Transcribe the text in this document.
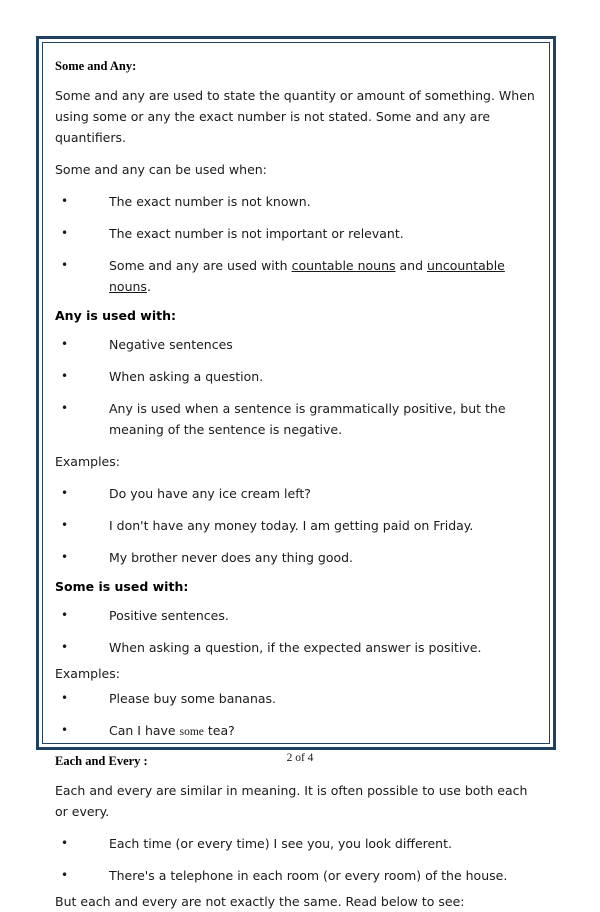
Some and Any:

Some and any are used to state the quantity or amount of something. When using some or any the exact number is not stated. Some and any are quantifiers.

Some and any can be used when:

•	The exact number is not known.
•	The exact number is not important or relevant.
•	Some and any are used with countable nouns and uncountable nouns.
Any is used with:
•	Negative sentences
•	When asking a question.
•	Any is used when a sentence is grammatically positive, but the meaning of the sentence is negative.

Examples:

•	Do you have any ice cream left?
•	I don't have any money today. I am getting paid on Friday.
•	My brother never does any thing good.
Some is used with:
•	Positive sentences.
•	When asking a question, if the expected answer is positive.

Examples:

•	Please buy some bananas.
•	Can I have some tea?
Each and Every :

Each and every are similar in meaning. It is often possible to use both each or every.

•	Each time (or every time) I see you, you look different.
•	There's a telephone in each room (or every room) of the house.

But each and every are not exactly the same. Read below to see:

2 of 4
